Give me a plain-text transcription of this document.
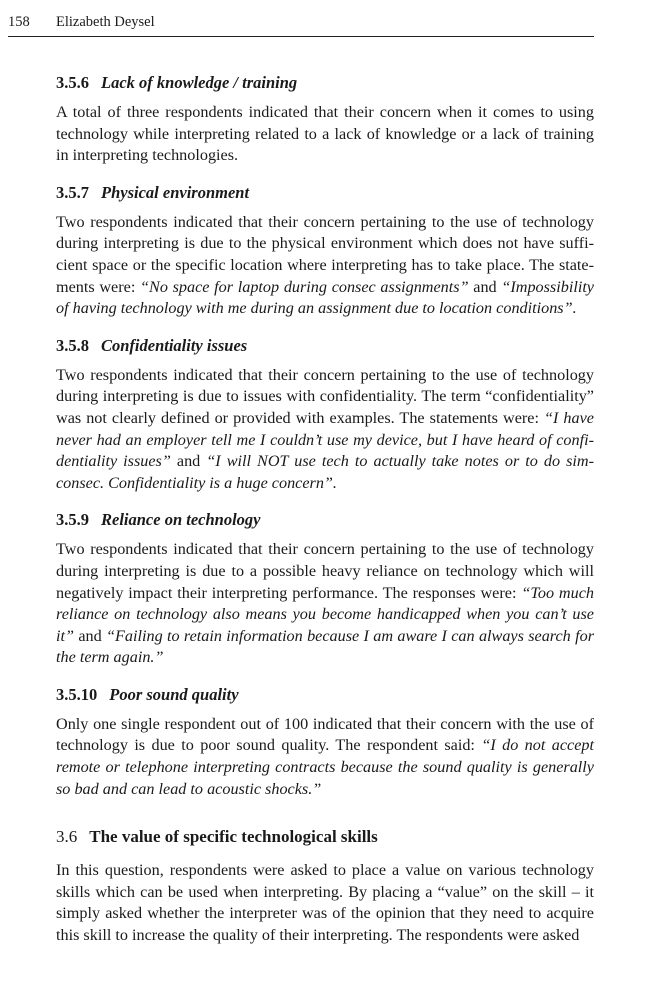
158 Elizabeth Deysel
3.5.6 Lack of knowledge / training

A total of three respondents indicated that their concern when it comes to using technology while interpreting related to a lack of knowledge or a lack of training in interpreting technologies.

3.5.7 Physical environment

Two respondents indicated that their concern pertaining to the use of technology during interpreting is due to the physical environment which does not have sufficient space or the specific location where interpreting has to take place. The statements were: “No space for laptop during consec assignments” and “Impossibility of having technology with me during an assignment due to location conditions”.

3.5.8 Confidentiality issues

Two respondents indicated that their concern pertaining to the use of technology during interpreting is due to issues with confidentiality. The term “confidentiality” was not clearly defined or provided with examples. The statements were: “I have never had an employer tell me I couldn’t use my device, but I have heard of confidentiality issues” and “I will NOT use tech to actually take notes or to do sim-consec. Confidentiality is a huge concern”.

3.5.9 Reliance on technology

Two respondents indicated that their concern pertaining to the use of technology during interpreting is due to a possible heavy reliance on technology which will negatively impact their interpreting performance. The responses were: “Too much reliance on technology also means you become handicapped when you can’t use it” and “Failing to retain information because I am aware I can always search for the term again.”

3.5.10 Poor sound quality

Only one single respondent out of 100 indicated that their concern with the use of technology is due to poor sound quality. The respondent said: “I do not accept remote or telephone interpreting contracts because the sound quality is generally so bad and can lead to acoustic shocks.”

3.6 The value of specific technological skills

In this question, respondents were asked to place a value on various technology skills which can be used when interpreting. By placing a “value” on the skill – it simply asked whether the interpreter was of the opinion that they need to acquire this skill to increase the quality of their interpreting. The respondents were asked
